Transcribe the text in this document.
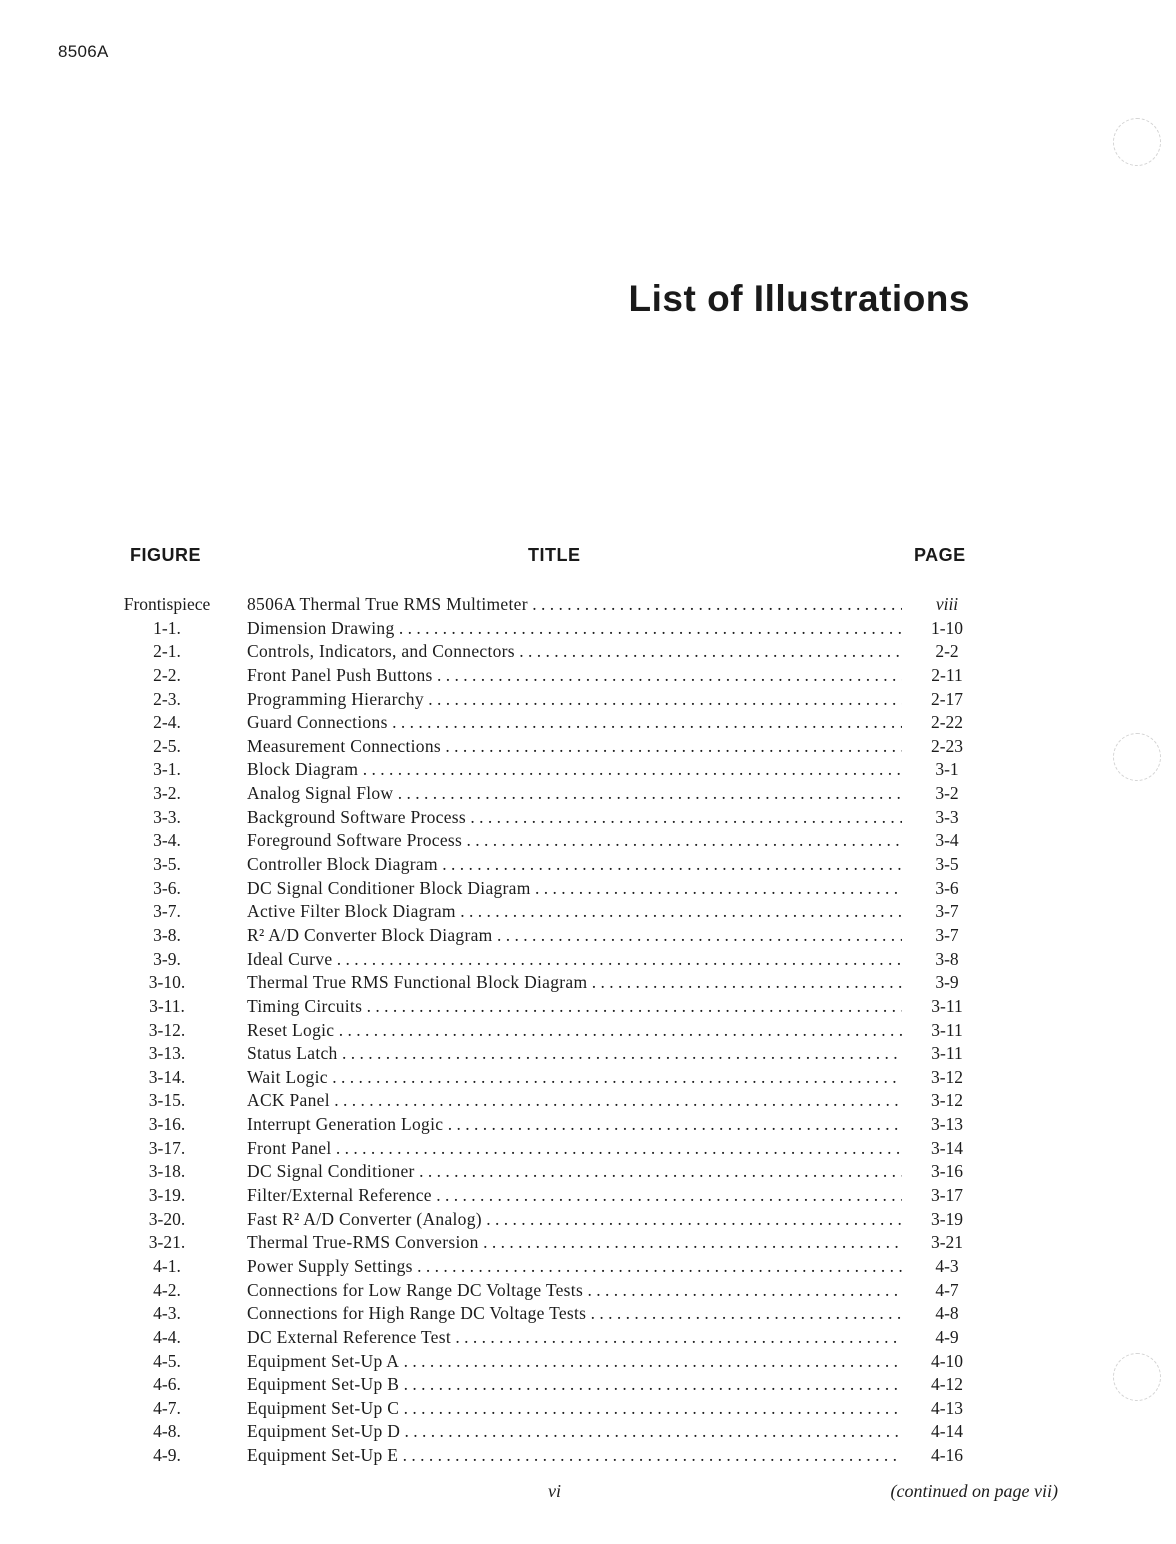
8506A
List of Illustrations
FIGURE	TITLE	PAGE
Frontispiece	8506A Thermal True RMS Multimeter . . .	viii
1-1.	Dimension Drawing . . .	1-10
2-1.	Controls, Indicators, and Connectors . . .	2-2
2-2.	Front Panel Push Buttons . . .	2-11
2-3.	Programming Hierarchy . . .	2-17
2-4.	Guard Connections . . .	2-22
2-5.	Measurement Connections . . .	2-23
3-1.	Block Diagram . . .	3-1
3-2.	Analog Signal Flow . . .	3-2
3-3.	Background Software Process . . .	3-3
3-4.	Foreground Software Process . . .	3-4
3-5.	Controller Block Diagram . . .	3-5
3-6.	DC Signal Conditioner Block Diagram . . .	3-6
3-7.	Active Filter Block Diagram . . .	3-7
3-8.	R² A/D Converter Block Diagram . . .	3-7
3-9.	Ideal Curve . . .	3-8
3-10.	Thermal True RMS Functional Block Diagram . . .	3-9
3-11.	Timing Circuits . . .	3-11
3-12.	Reset Logic . . .	3-11
3-13.	Status Latch . . .	3-11
3-14.	Wait Logic . . .	3-12
3-15.	ACK Panel . . .	3-12
3-16.	Interrupt Generation Logic . . .	3-13
3-17.	Front Panel . . .	3-14
3-18.	DC Signal Conditioner . . .	3-16
3-19.	Filter/External Reference . . .	3-17
3-20.	Fast R² A/D Converter (Analog) . . .	3-19
3-21.	Thermal True-RMS Conversion . . .	3-21
4-1.	Power Supply Settings . . .	4-3
4-2.	Connections for Low Range DC Voltage Tests . . .	4-7
4-3.	Connections for High Range DC Voltage Tests . . .	4-8
4-4.	DC External Reference Test . . .	4-9
4-5.	Equipment Set-Up A . . .	4-10
4-6.	Equipment Set-Up B . . .	4-12
4-7.	Equipment Set-Up C . . .	4-13
4-8.	Equipment Set-Up D . . .	4-14
4-9.	Equipment Set-Up E . . .	4-16
vi	(continued on page vii)
